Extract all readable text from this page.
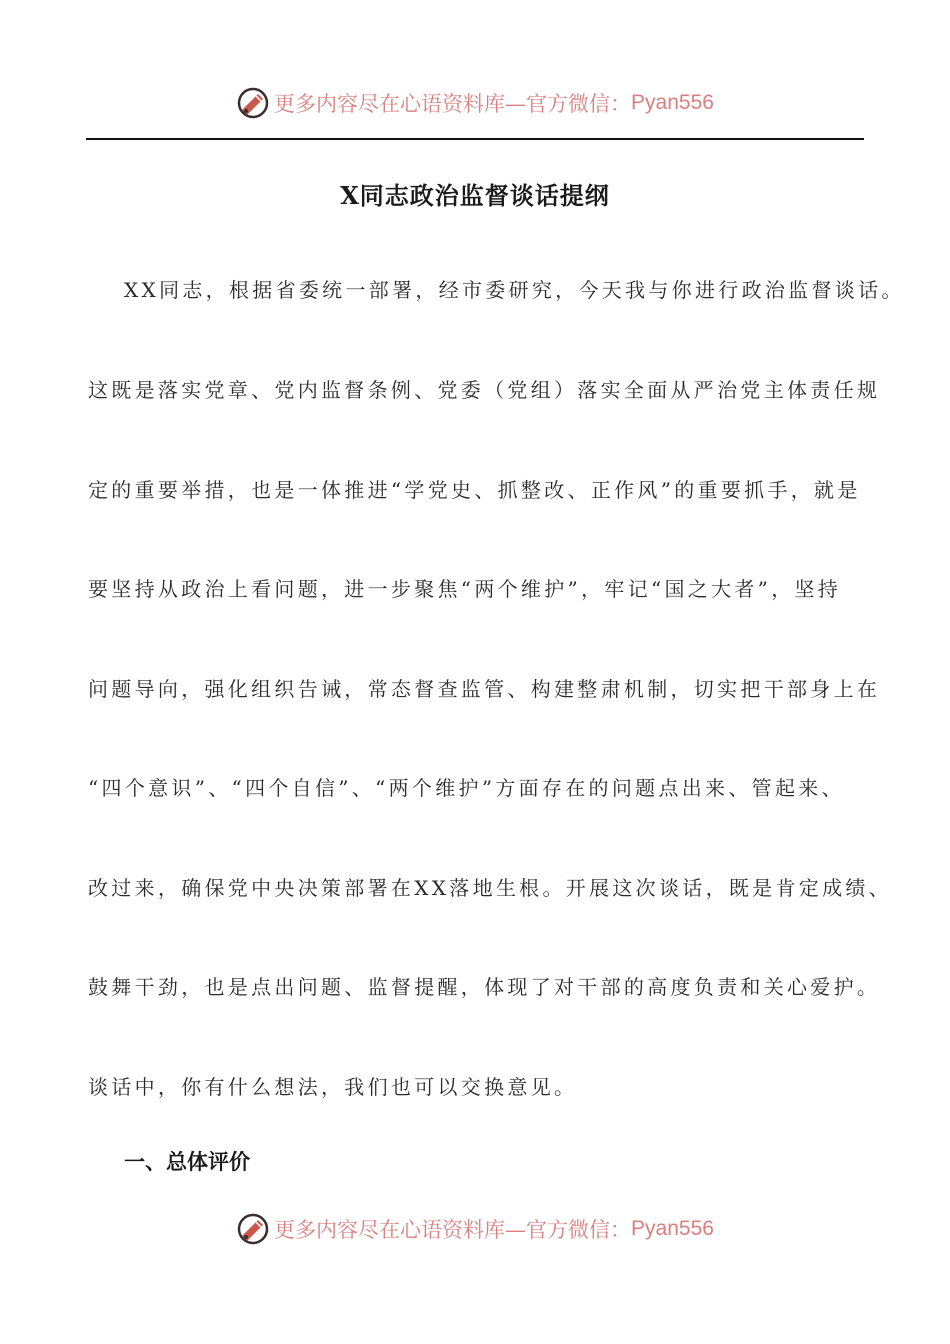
更多内容尽在心语资料库—官方微信： Pyan556
X同志政治监督谈话提纲
XX同志，根据省委统一部署，经市委研究，今天我与你进行政治监督谈话。
这既是落实党章、党内监督条例、党委（党组）落实全面从严治党主体责任规
定的重要举措，也是一体推进“学党史、抓整改、正作风”的重要抓手，就是
要坚持从政治上看问题，进一步聚焦“两个维护”，牢记“国之大者”，坚持
问题导向，强化组织告诫，常态督查监管、构建整肃机制，切实把干部身上在
“四个意识”、“四个自信”、“两个维护”方面存在的问题点出来、管起来、
改过来，确保党中央决策部署在XX落地生根。开展这次谈话，既是肯定成绩、
鼓舞干劲，也是点出问题、监督提醒，体现了对干部的高度负责和关心爱护。
谈话中，你有什么想法，我们也可以交换意见。
一、总体评价
更多内容尽在心语资料库—官方微信： Pyan556
